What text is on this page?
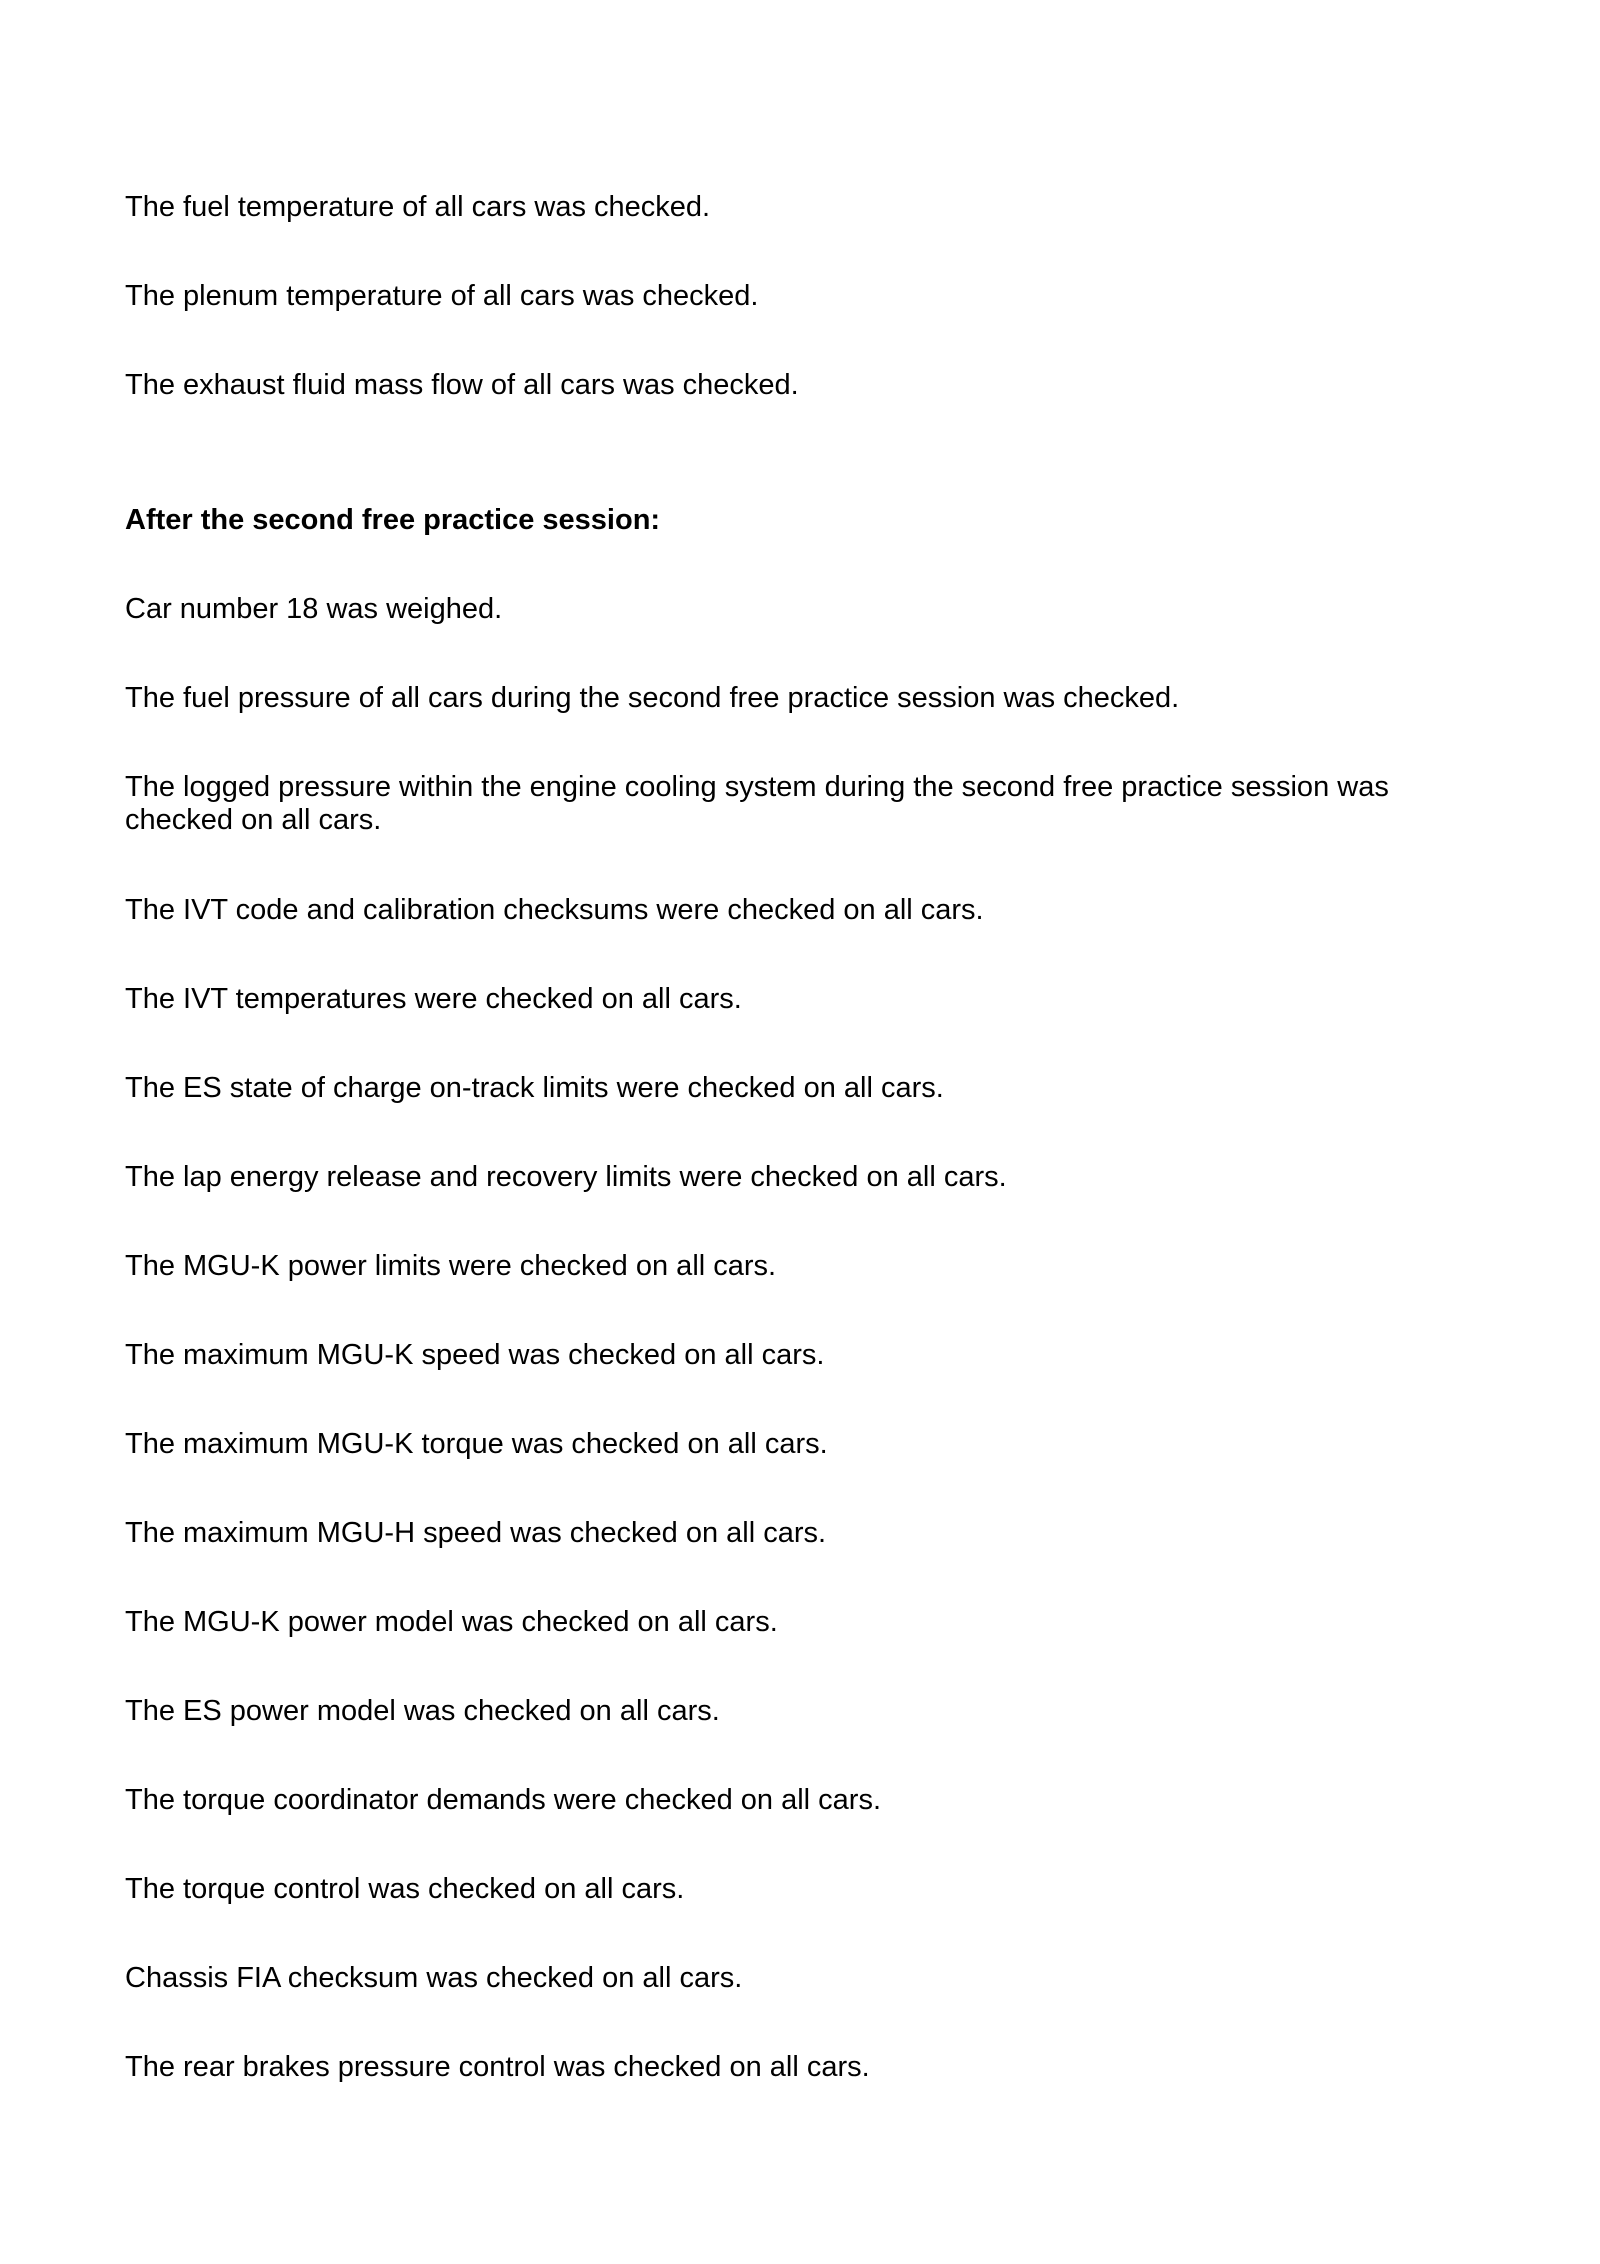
The fuel temperature of all cars was checked.

The plenum temperature of all cars was checked.

The exhaust fluid mass flow of all cars was checked.

After the second free practice session:

Car number 18 was weighed.

The fuel pressure of all cars during the second free practice session was checked.

The logged pressure within the engine cooling system during the second free practice session was checked on all cars.

The IVT code and calibration checksums were checked on all cars.

The IVT temperatures were checked on all cars.

The ES state of charge on-track limits were checked on all cars.

The lap energy release and recovery limits were checked on all cars.

The MGU-K power limits were checked on all cars.

The maximum MGU-K speed was checked on all cars.

The maximum MGU-K torque was checked on all cars.

The maximum MGU-H speed was checked on all cars.

The MGU-K power model was checked on all cars.

The ES power model was checked on all cars.

The torque coordinator demands were checked on all cars.

The torque control was checked on all cars.

Chassis FIA checksum was checked on all cars.

The rear brakes pressure control was checked on all cars.
